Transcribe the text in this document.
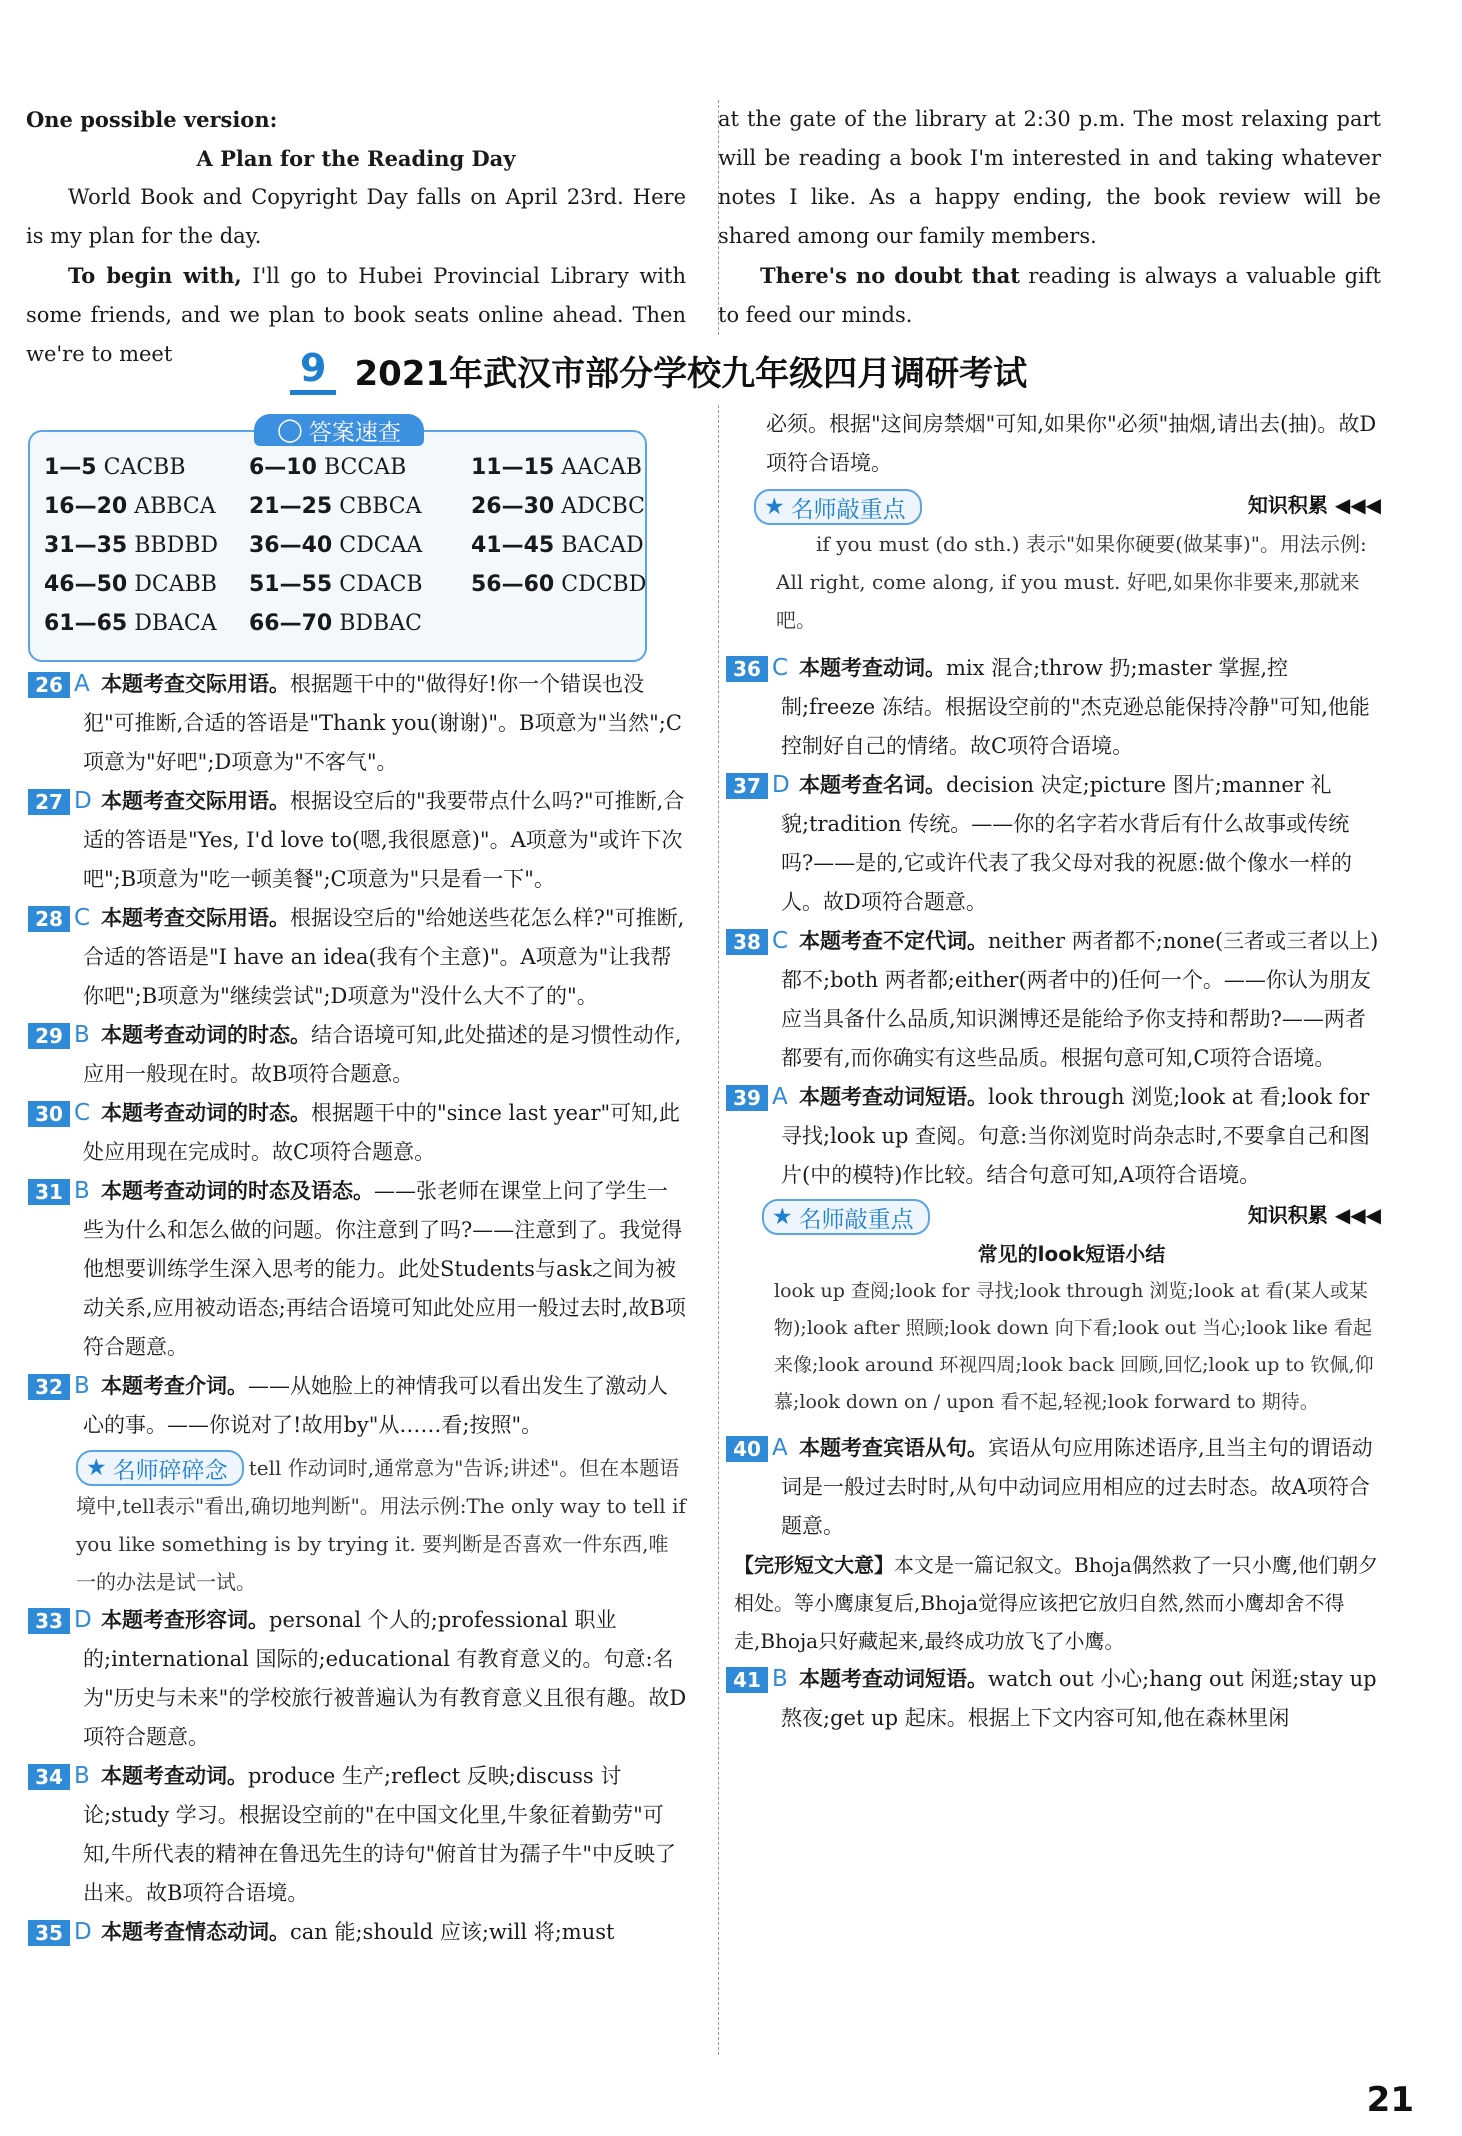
One possible version:

A Plan for the Reading Day

World Book and Copyright Day falls on April 23rd. Here is my plan for the day.

To begin with, I'll go to Hubei Provincial Library with some friends, and we plan to book seats online ahead. Then we're to meet

at the gate of the library at 2:30 p.m. The most relaxing part will be reading a book I'm interested in and taking whatever notes I like. As a happy ending, the book review will be shared among our family members.

There's no doubt that reading is always a valuable gift to feed our minds.

9 2021年武汉市部分学校九年级四月调研考试
◯ 答案速查
1—5 CACBB	6—10 BCCAB	11—15 AACAB
16—20 ABBCA	21—25 CBBCA	26—30 ADCBC
31—35 BBDBD	36—40 CDCAA	41—45 BACAD
46—50 DCABB	51—55 CDACB	56—60 CDCBD
61—65 DBACA	66—70 BDBAC
26 A 本题考查交际用语。根据题干中的"做得好!你一个错误也没犯"可推断,合适的答语是"Thank you(谢谢)"。B项意为"当然";C项意为"好吧";D项意为"不客气"。
27 D 本题考查交际用语。根据设空后的"我要带点什么吗?"可推断,合适的答语是"Yes, I'd love to(嗯,我很愿意)"。A项意为"或许下次吧";B项意为"吃一顿美餐";C项意为"只是看一下"。
28 C 本题考查交际用语。根据设空后的"给她送些花怎么样?"可推断,合适的答语是"I have an idea(我有个主意)"。A项意为"让我帮你吧";B项意为"继续尝试";D项意为"没什么大不了的"。
29 B 本题考查动词的时态。结合语境可知,此处描述的是习惯性动作,应用一般现在时。故B项符合题意。
30 C 本题考查动词的时态。根据题干中的"since last year"可知,此处应用现在完成时。故C项符合题意。
31 B 本题考查动词的时态及语态。——张老师在课堂上问了学生一些为什么和怎么做的问题。你注意到了吗?——注意到了。我觉得他想要训练学生深入思考的能力。此处Students与ask之间为被动关系,应用被动语态;再结合语境可知此处应用一般过去时,故B项符合题意。
32 B 本题考查介词。——从她脸上的神情我可以看出发生了激动人心的事。——你说对了!故用by"从……看;按照"。
★ 名师碎碎念 tell 作动词时,通常意为"告诉;讲述"。但在本题语境中,tell表示"看出,确切地判断"。用法示例:The only way to tell if you like something is by trying it. 要判断是否喜欢一件东西,唯一的办法是试一试。
33 D 本题考查形容词。personal 个人的;professional 职业的;international 国际的;educational 有教育意义的。句意:名为"历史与未来"的学校旅行被普遍认为有教育意义且很有趣。故D项符合题意。
34 B 本题考查动词。produce 生产;reflect 反映;discuss 讨论;study 学习。根据设空前的"在中国文化里,牛象征着勤劳"可知,牛所代表的精神在鲁迅先生的诗句"俯首甘为孺子牛"中反映了出来。故B项符合语境。
35 D 本题考查情态动词。can 能;should 应该;will 将;must

必须。根据"这间房禁烟"可知,如果你"必须"抽烟,请出去(抽)。故D项符合语境。

★ 名师敲重点	知识积累 ◀◀◀
if you must (do sth.) 表示"如果你硬要(做某事)"。用法示例:
All right, come along, if you must. 好吧,如果你非要来,那就来吧。
36 C 本题考查动词。mix 混合;throw 扔;master 掌握,控制;freeze 冻结。根据设空前的"杰克逊总能保持冷静"可知,他能控制好自己的情绪。故C项符合语境。
37 D 本题考查名词。decision 决定;picture 图片;manner 礼貌;tradition 传统。——你的名字若水背后有什么故事或传统吗?——是的,它或许代表了我父母对我的祝愿:做个像水一样的人。故D项符合题意。
38 C 本题考查不定代词。neither 两者都不;none(三者或三者以上)都不;both 两者都;either(两者中的)任何一个。——你认为朋友应当具备什么品质,知识渊博还是能给予你支持和帮助?——两者都要有,而你确实有这些品质。根据句意可知,C项符合语境。
39 A 本题考查动词短语。look through 浏览;look at 看;look for 寻找;look up 查阅。句意:当你浏览时尚杂志时,不要拿自己和图片(中的模特)作比较。结合句意可知,A项符合语境。
★ 名师敲重点	知识积累 ◀◀◀
常见的look短语小结
look up 查阅;look for 寻找;look through 浏览;look at 看(某人或某物);look after 照顾;look down 向下看;look out 当心;look like 看起来像;look around 环视四周;look back 回顾,回忆;look up to 钦佩,仰慕;look down on / upon 看不起,轻视;look forward to 期待。
40 A 本题考查宾语从句。宾语从句应用陈述语序,且当主句的谓语动词是一般过去时时,从句中动词应用相应的过去时态。故A项符合题意。
【完形短文大意】本文是一篇记叙文。Bhoja偶然救了一只小鹰,他们朝夕相处。等小鹰康复后,Bhoja觉得应该把它放归自然,然而小鹰却舍不得走,Bhoja只好藏起来,最终成功放飞了小鹰。
41 B 本题考查动词短语。watch out 小心;hang out 闲逛;stay up 熬夜;get up 起床。根据上下文内容可知,他在森林里闲
21
